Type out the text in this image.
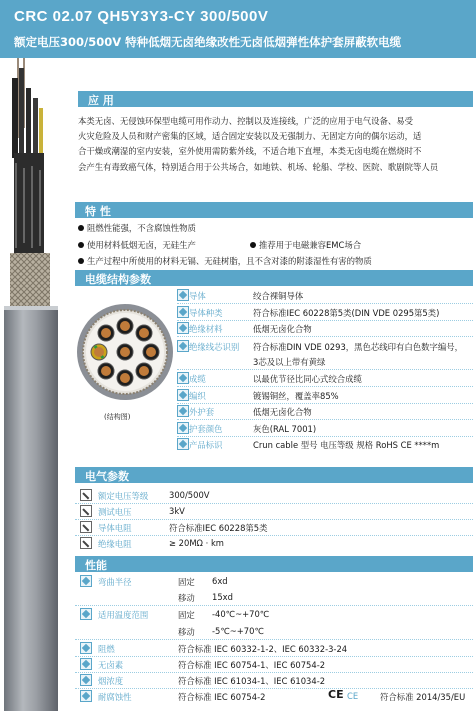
CRC 02.07 QH5Y3Y3-CY 300/500V
额定电压300/500V 特种低烟无卤绝缘改性无卤低烟弹性体护套屏蔽软电缆
应 用
本类无卤、无侵蚀环保型电缆可用作动力、控制以及连接线，广泛的应用于电气设备、易受
火灾危险及人员和财产密集的区域，适合固定安装以及无强制力、无固定方向的偶尔运动，适
合干燥或潮湿的室内安装，室外使用需防紫外线，不适合地下直埋，本类无卤电缆在燃烧时不
会产生有毒致癌气体，特别适合用于公共场合，如地铁、机场、轮船、学校、医院、歌剧院等人员
特 性
阻燃性能强，不含腐蚀性物质
使用材料低烟无卤，无硅生产	推荐用于电磁兼容EMC场合
生产过程中所使用的材料无镉、无硅树脂，且不含对漆的附漆湿性有害的物质
电缆结构参数
(结构图)
导体	绞合裸铜导体
导体种类	符合标准IEC 60228第5类(DIN VDE 0295第5类)
绝缘材料	低烟无卤化合物
绝缘线芯识别 符合标准DIN VDE 0293，黑色芯线印有白色数字编号，
3芯及以上带有黄绿
成缆	以最优节径比同心式绞合成缆
编织	镀锡铜丝，覆盖率85%
外护套	低烟无卤化合物
护套颜色	灰色(RAL 7001)
产品标识	Crun cable 型号 电压等级 规格 RoHS CE ****m
电气参数
额定电压等级 300/500V
测试电压	3kV
导体电阻	符合标准IEC 60228第5类
绝缘电阻	≥ 20MΩ · km
性能
弯曲半径	固定 6xd
移动 15xd
适用温度范围	固定 -40℃~+70℃
移动 -5℃~+70℃
阻燃	符合标准 IEC 60332-1-2、IEC 60332-3-24
无卤素	符合标准 IEC 60754-1、IEC 60754-2
烟浓度	符合标准 IEC 61034-1、IEC 61034-2
耐腐蚀性	符合标准 IEC 60754-2	CE CE	符合标准 2014/35/EU
